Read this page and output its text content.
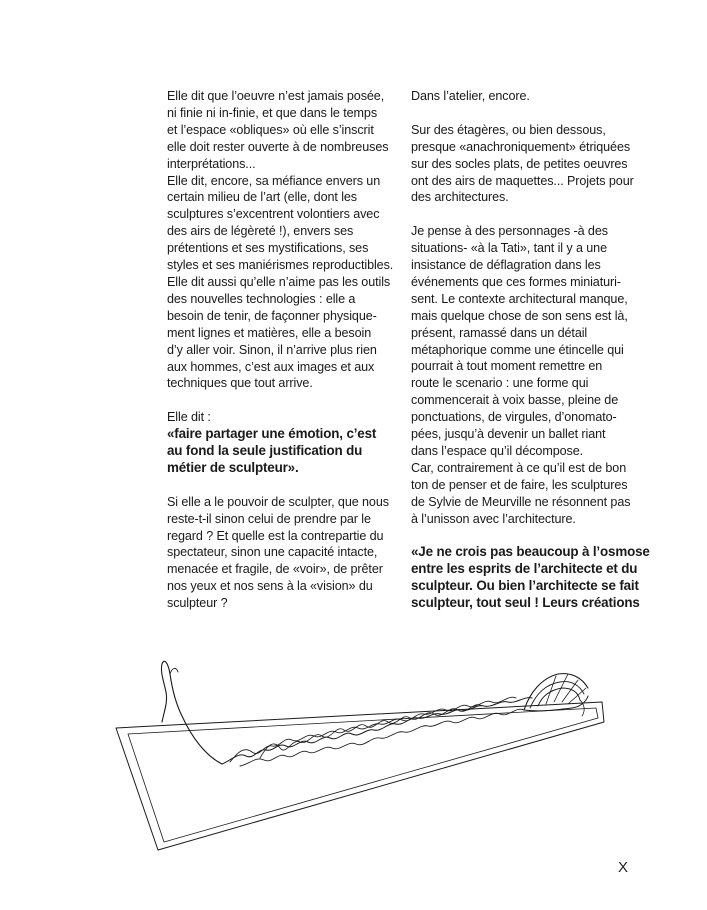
Elle dit que l’oeuvre n’est jamais posée,
ni finie ni in-finie, et que dans le temps
et l’espace «obliques» où elle s’inscrit
elle doit rester ouverte à de nombreuses
interprétations...
Elle dit, encore, sa méfiance envers un
certain milieu de l’art (elle, dont les
sculptures s’excentrent volontiers avec
des airs de légèreté !), envers ses
prétentions et ses mystifications, ses
styles et ses maniérismes reproductibles.
Elle dit aussi qu’elle n’aime pas les outils
des nouvelles technologies : elle a
besoin de tenir, de façonner physique-
ment lignes et matières, elle a besoin
d’y aller voir. Sinon, il n’arrive plus rien
aux hommes, c’est aux images et aux
techniques que tout arrive.
Elle dit :
«faire partager une émotion, c’est
au fond la seule justification du
métier de sculpteur».
Si elle a le pouvoir de sculpter, que nous
reste-t-il sinon celui de prendre par le
regard ? Et quelle est la contrepartie du
spectateur, sinon une capacité intacte,
menacée et fragile, de «voir», de prêter
nos yeux et nos sens à la «vision» du
sculpteur ?
Dans l’atelier, encore.
Sur des étagères, ou bien dessous,
presque «anachroniquement» étriquées
sur des socles plats, de petites oeuvres
ont des airs de maquettes... Projets pour
des architectures.
Je pense à des personnages -à des
situations- «à la Tati», tant il y a une
insistance de déflagration dans les
événements que ces formes miniaturi-
sent. Le contexte architectural manque,
mais quelque chose de son sens est là,
présent, ramassé dans un détail
métaphorique comme une étincelle qui
pourrait à tout moment remettre en
route le scenario : une forme qui
commencerait à voix basse, pleine de
ponctuations, de virgules, d’onomato-
pées, jusqu’à devenir un ballet riant
dans l’espace qu’il décompose.
Car, contrairement à ce qu’il est de bon
ton de penser et de faire, les sculptures
de Sylvie de Meurville ne résonnent pas
à l’unisson avec l’architecture.
«Je ne crois pas beaucoup à l’osmose
entre les esprits de l’architecte et du
sculpteur. Ou bien l’architecte se fait
sculpteur, tout seul ! Leurs créations
X
